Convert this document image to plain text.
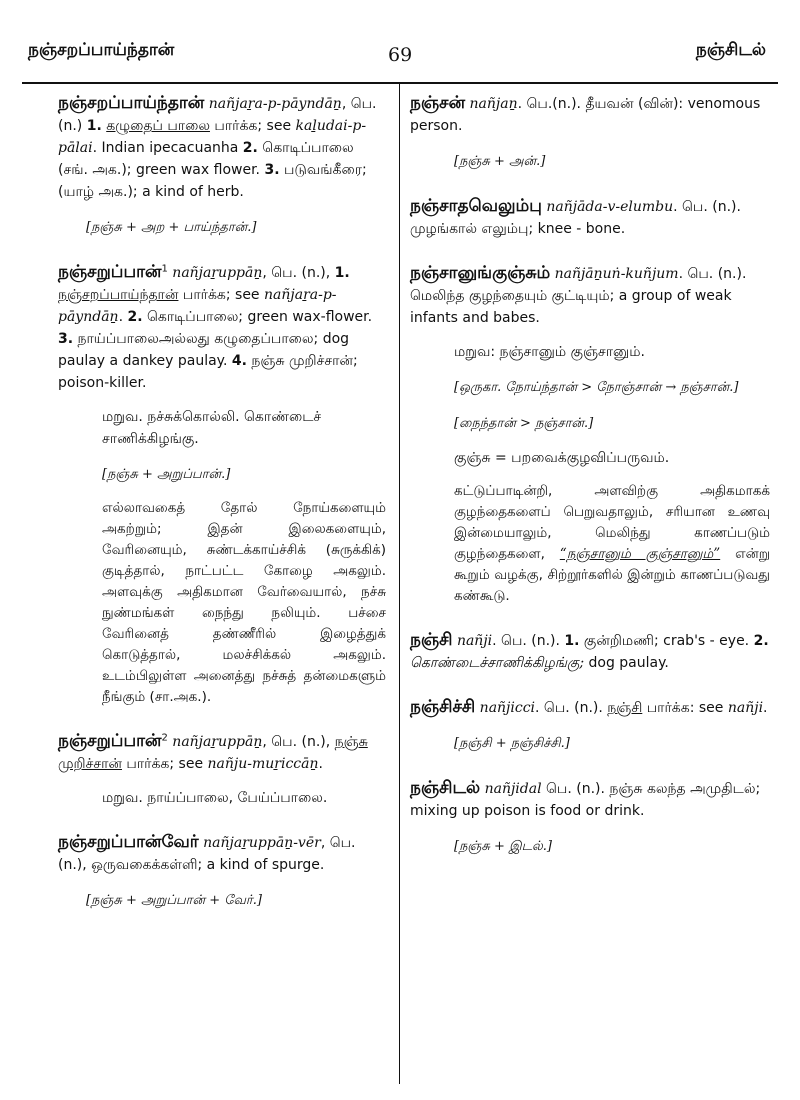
நஞ்சறப்பாய்ந்தான்	69	நஞ்சிடல்
நஞ்சறப்பாய்ந்தான் nañjaṟa-p-pāyndāṉ, பெ. (n.) 1. கழுதைப் பாலை பார்க்க; see kaḻudai-p-pālai. Indian ipecacuanha 2. கொடிப்பாலை (சங். அக.); green wax flower. 3. படுவங்கீரை; (யாழ் அக.); a kind of herb.
[நஞ்சு + அற + பாய்ந்தான்.]
நஞ்சறுப்பான்$^1$ nañjaṟuppāṉ, பெ. (n.), 1. நஞ்சறப்பாய்ந்தான் பார்க்க; see nañjaṟa-p-pāyndāṉ. 2. கொடிப்பாலை; green wax-flower. 3. நாய்ப்பாலைஅல்லது கழுதைப்பாலை; dog paulay a dankey paulay. 4. நஞ்சு முறிச்சான்; poison-killer.
மறுவ. நச்சுக்கொல்லி. கொண்டைச் சாணிக்கிழங்கு.
[நஞ்சு + அறுப்பான்.]
எல்லாவகைத் தோல் நோய்களையும் அகற்றும்; இதன் இலைகளையும், வேரினையும், சுண்டக்காய்ச்சிக் (சுருக்கிக்) குடித்தால், நாட்பட்ட கோழை அகலும். அளவுக்கு அதிகமான வேர்வையால், நச்சு நுண்மங்கள் நைந்து நலியும். பச்சை வேரினைத் தண்ணீரில் இழைத்துக் கொடுத்தால், மலச்சிக்கல் அகலும். உடம்பிலுள்ள அனைத்து நச்சுத் தன்மைகளும் நீங்கும் (சா.அக.).
நஞ்சறுப்பான்$^2$ nañjaṟuppāṉ, பெ. (n.), நஞ்சு முறிச்சான் பார்க்க; see nañju-muṟiccāṉ.
மறுவ. நாய்ப்பாலை, பேய்ப்பாலை.
நஞ்சறுப்பான்வேர் nañjaṟuppāṉ-vēr, பெ. (n.), ஒருவகைக்கள்ளி; a kind of spurge.
[நஞ்சு + அறுப்பான் + வேர்.]
நஞ்சன் nañjaṉ. பெ.(n.). தீயவன் (வின்): venomous person.
[நஞ்சு + அன்.]
நஞ்சாதவெலும்பு nañjāda-v-elumbu. பெ. (n.). முழங்கால் எலும்பு; knee - bone.
நஞ்சானுங்குஞ்சும் nañjāṉuṅ-kuñjum. பெ. (n.). மெலிந்த குழந்தையும் குட்டியும்; a group of weak infants and babes.
மறுவ: நஞ்சானும் குஞ்சானும்.
[ஒருகா. நோய்ந்தான் > நோஞ்சான் → நஞ்சான்.]
[நைந்தான் > நஞ்சான்.]
குஞ்சு = பறவைக்குழவிப்பருவம்.
கட்டுப்பாடின்றி, அளவிற்கு அதிகமாகக் குழந்தைகளைப் பெறுவதாலும், சரியான உணவு இன்மையாலும், மெலிந்து காணப்படும் குழந்தைகளை, “நஞ்சானும் குஞ்சானும்” என்று கூறும் வழக்கு, சிற்றூர்களில் இன்றும் காணப்படுவது கண்கூடு.
நஞ்சி nañji. பெ. (n.). 1. குன்றிமணி; crab's - eye. 2. கொண்டைச்சாணிக்கிழங்கு; dog paulay.
நஞ்சிச்சி nañjicci. பெ. (n.). நஞ்சி பார்க்க: see nañji.
[நஞ்சி + நஞ்சிச்சி.]
நஞ்சிடல் nañjidal பெ. (n.). நஞ்சு கலந்த அமுதிடல்; mixing up poison is food or drink.
[நஞ்சு + இடல்.]
